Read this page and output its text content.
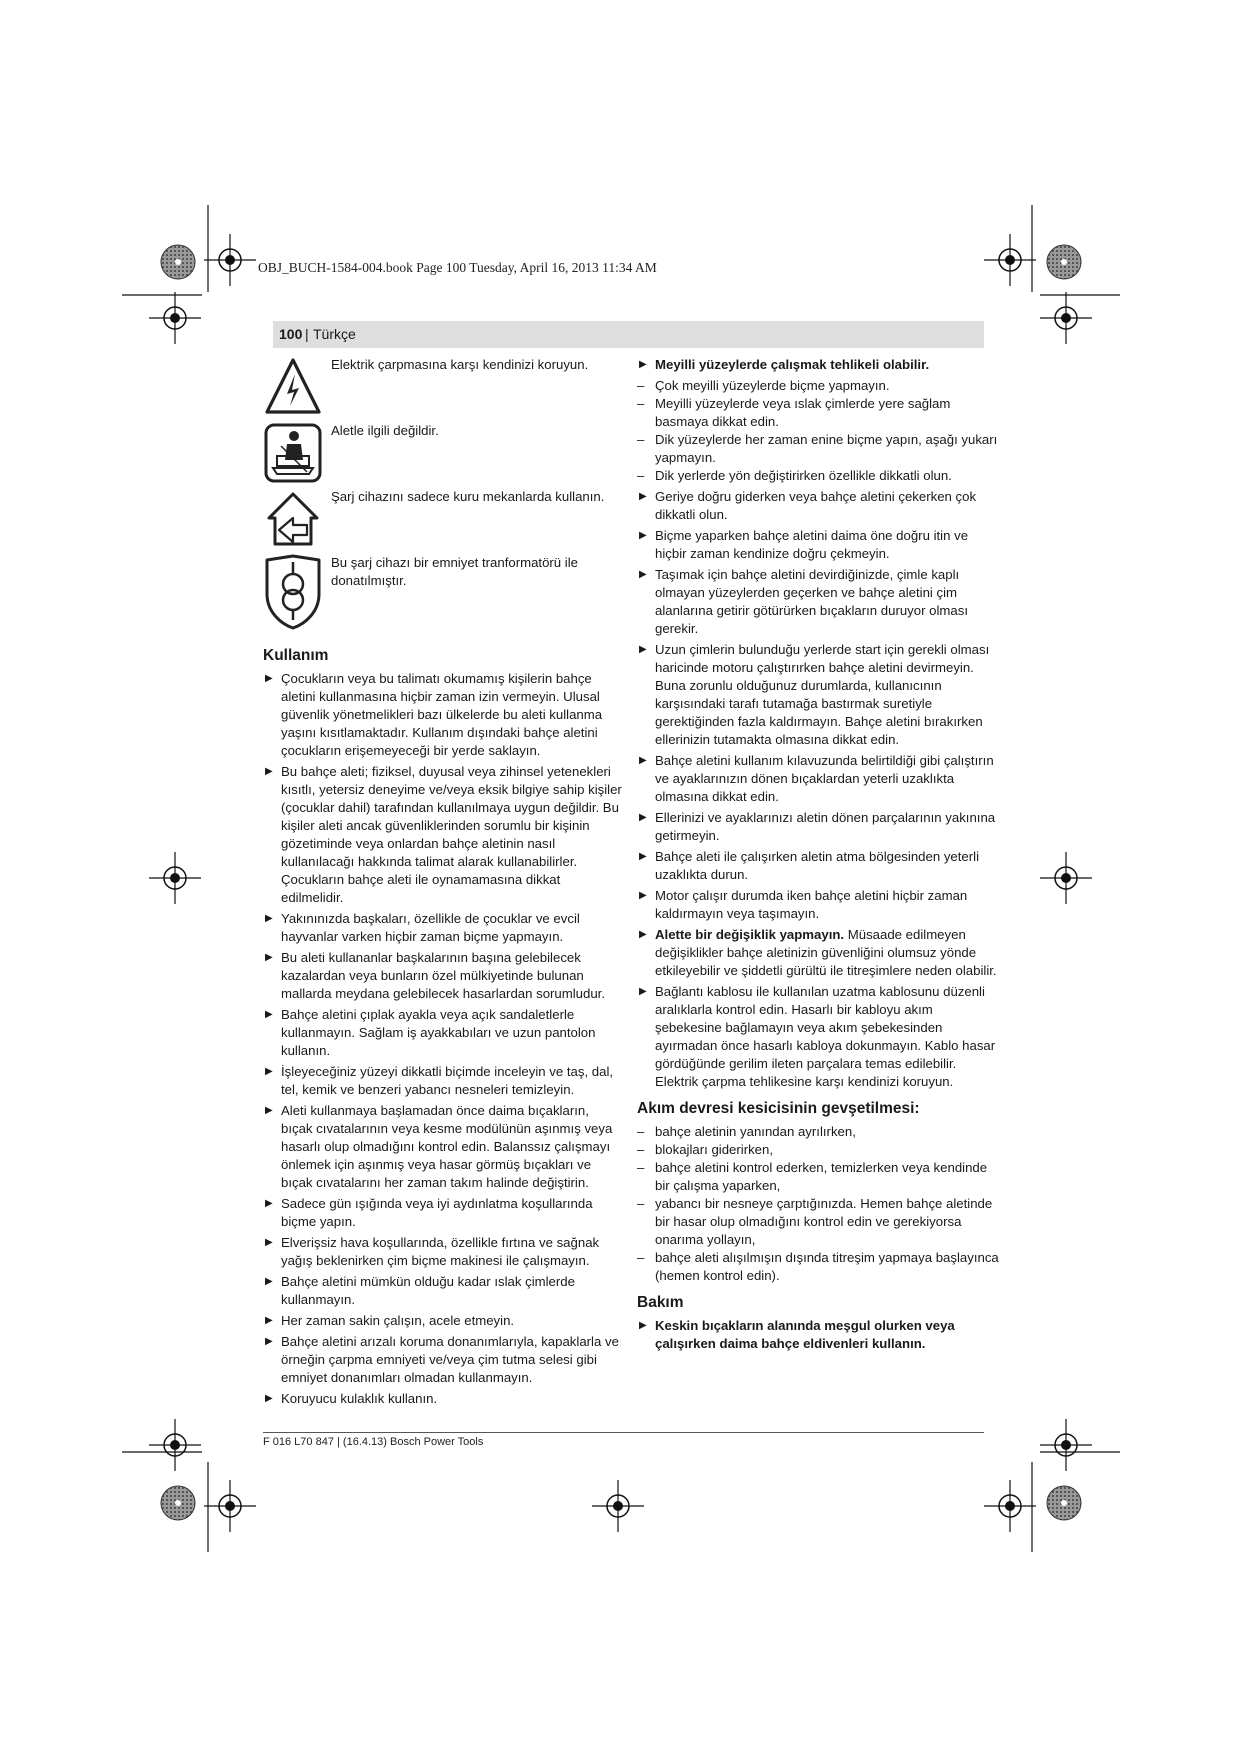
OBJ_BUCH-1584-004.book Page 100 Tuesday, April 16, 2013 11:34 AM
100 | Türkçe
Elektrik çarpmasına karşı kendinizi koruyun.
Aletle ilgili değildir.
Şarj cihazını sadece kuru mekanlarda kullanın.
Bu şarj cihazı bir emniyet tranformatörü ile donatılmıştır.
Kullanım
▶ Çocukların veya bu talimatı okumamış kişilerin bahçe aletini kullanmasına hiçbir zaman izin vermeyin. Ulusal güvenlik yönetmelikleri bazı ülkelerde bu aleti kullanma yaşını kısıtlamaktadır. Kullanım dışındaki bahçe aletini çocukların erişemeyeceği bir yerde saklayın.
▶ Bu bahçe aleti; fiziksel, duyusal veya zihinsel yetenekleri kısıtlı, yetersiz deneyime ve/veya eksik bilgiye sahip kişiler (çocuklar dahil) tarafından kullanılmaya uygun değildir. Bu kişiler aleti ancak güvenliklerinden sorumlu bir kişinin gözetiminde veya onlardan bahçe aletinin nasıl kullanılacağı hakkında talimat alarak kullanabilirler. Çocukların bahçe aleti ile oynamamasına dikkat edilmelidir.
▶ Yakınınızda başkaları, özellikle de çocuklar ve evcil hayvanlar varken hiçbir zaman biçme yapmayın.
▶ Bu aleti kullananlar başkalarının başına gelebilecek kazalardan veya bunların özel mülkiyetinde bulunan mallarda meydana gelebilecek hasarlardan sorumludur.
▶ Bahçe aletini çıplak ayakla veya açık sandaletlerle kullanmayın. Sağlam iş ayakkabıları ve uzun pantolon kullanın.
▶ İşleyeceğiniz yüzeyi dikkatli biçimde inceleyin ve taş, dal, tel, kemik ve benzeri yabancı nesneleri temizleyin.
▶ Aleti kullanmaya başlamadan önce daima bıçakların, bıçak cıvatalarının veya kesme modülünün aşınmış veya hasarlı olup olmadığını kontrol edin. Balanssız çalışmayı önlemek için aşınmış veya hasar görmüş bıçakları ve bıçak cıvatalarını her zaman takım halinde değiştirin.
▶ Sadece gün ışığında veya iyi aydınlatma koşullarında biçme yapın.
▶ Elverişsiz hava koşullarında, özellikle fırtına ve sağnak yağış beklenirken çim biçme makinesi ile çalışmayın.
▶ Bahçe aletini mümkün olduğu kadar ıslak çimlerde kullanmayın.
▶ Her zaman sakin çalışın, acele etmeyin.
▶ Bahçe aletini arızalı koruma donanımlarıyla, kapaklarla ve örneğin çarpma emniyeti ve/veya çim tutma selesi gibi emniyet donanımları olmadan kullanmayın.
▶ Koruyucu kulaklık kullanın.
▶ Meyilli yüzeylerde çalışmak tehlikeli olabilir.
– Çok meyilli yüzeylerde biçme yapmayın.
– Meyilli yüzeylerde veya ıslak çimlerde yere sağlam basmaya dikkat edin.
– Dik yüzeylerde her zaman enine biçme yapın, aşağı yukarı yapmayın.
– Dik yerlerde yön değiştirirken özellikle dikkatli olun.
▶ Geriye doğru giderken veya bahçe aletini çekerken çok dikkatli olun.
▶ Biçme yaparken bahçe aletini daima öne doğru itin ve hiçbir zaman kendinize doğru çekmeyin.
▶ Taşımak için bahçe aletini devirdiğinizde, çimle kaplı olmayan yüzeylerden geçerken ve bahçe aletini çim alanlarına getirir götürürken bıçakların duruyor olması gerekir.
▶ Uzun çimlerin bulunduğu yerlerde start için gerekli olması haricinde motoru çalıştırırken bahçe aletini devirmeyin. Buna zorunlu olduğunuz durumlarda, kullanıcının karşısındaki tarafı tutamağa bastırmak suretiyle gerektiğinden fazla kaldırmayın. Bahçe aletini bırakırken ellerinizin tutamakta olmasına dikkat edin.
▶ Bahçe aletini kullanım kılavuzunda belirtildiği gibi çalıştırın ve ayaklarınızın dönen bıçaklardan yeterli uzaklıkta olmasına dikkat edin.
▶ Ellerinizi ve ayaklarınızı aletin dönen parçalarının yakınına getirmeyin.
▶ Bahçe aleti ile çalışırken aletin atma bölgesinden yeterli uzaklıkta durun.
▶ Motor çalışır durumda iken bahçe aletini hiçbir zaman kaldırmayın veya taşımayın.
▶ Alette bir değişiklik yapmayın. Müsaade edilmeyen değişiklikler bahçe aletinizin güvenliğini olumsuz yönde etkileyebilir ve şiddetli gürültü ile titreşimlere neden olabilir.
▶ Bağlantı kablosu ile kullanılan uzatma kablosunu düzenli aralıklarla kontrol edin. Hasarlı bir kabloyu akım şebekesine bağlamayın veya akım şebekesinden ayırmadan önce hasarlı kabloya dokunmayın. Kablo hasar gördüğünde gerilim ileten parçalara temas edilebilir. Elektrik çarpma tehlikesine karşı kendinizi koruyun.
Akım devresi kesicisinin gevşetilmesi:
– bahçe aletinin yanından ayrılırken,
– blokajları giderirken,
– bahçe aletini kontrol ederken, temizlerken veya kendinde bir çalışma yaparken,
– yabancı bir nesneye çarptığınızda. Hemen bahçe aletinde bir hasar olup olmadığını kontrol edin ve gerekiyorsa onarıma yollayın,
– bahçe aleti alışılmışın dışında titreşim yapmaya başlayınca (hemen kontrol edin).
Bakım
▶ Keskin bıçakların alanında meşgul olurken veya çalışırken daima bahçe eldivenleri kullanın.
F 016 L70 847 | (16.4.13) Bosch Power Tools
